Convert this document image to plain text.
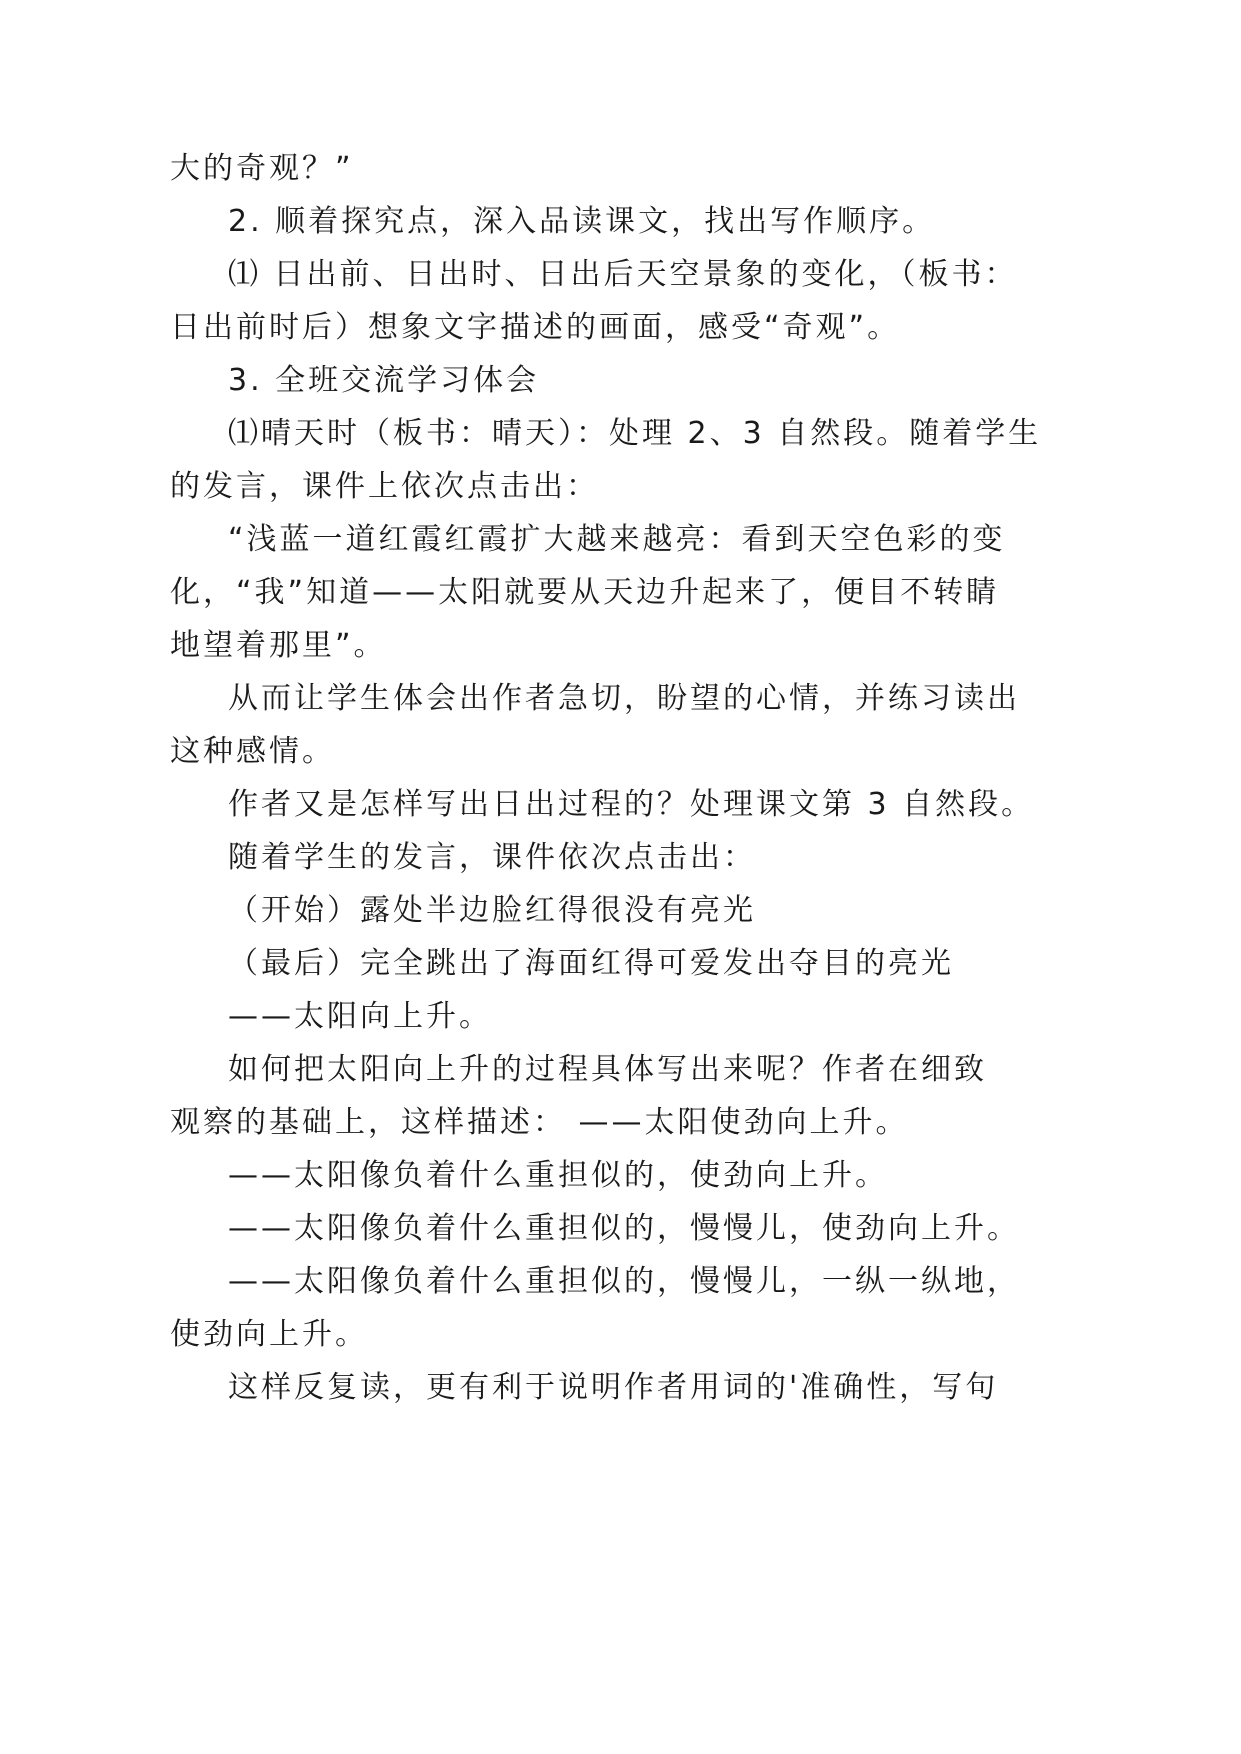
大的奇观？”

2. 顺着探究点，深入品读课文，找出写作顺序。

⑴ 日出前、日出时、日出后天空景象的变化，（板书：

日出前时后）想象文字描述的画面，感受“奇观”。

3. 全班交流学习体会

⑴晴天时（板书：晴天）：处理 2、3 自然段。随着学生

的发言，课件上依次点击出：

“浅蓝一道红霞红霞扩大越来越亮：看到天空色彩的变

化，“我”知道——太阳就要从天边升起来了，便目不转睛

地望着那里”。

从而让学生体会出作者急切，盼望的心情，并练习读出

这种感情。

作者又是怎样写出日出过程的？处理课文第 3 自然段。

随着学生的发言，课件依次点击出：

（开始）露处半边脸红得很没有亮光

（最后）完全跳出了海面红得可爱发出夺目的亮光

——太阳向上升。

如何把太阳向上升的过程具体写出来呢？作者在细致

观察的基础上，这样描述： ——太阳使劲向上升。

——太阳像负着什么重担似的，使劲向上升。

——太阳像负着什么重担似的，慢慢儿，使劲向上升。

——太阳像负着什么重担似的，慢慢儿，一纵一纵地，

使劲向上升。

这样反复读，更有利于说明作者用词的'准确性，写句
